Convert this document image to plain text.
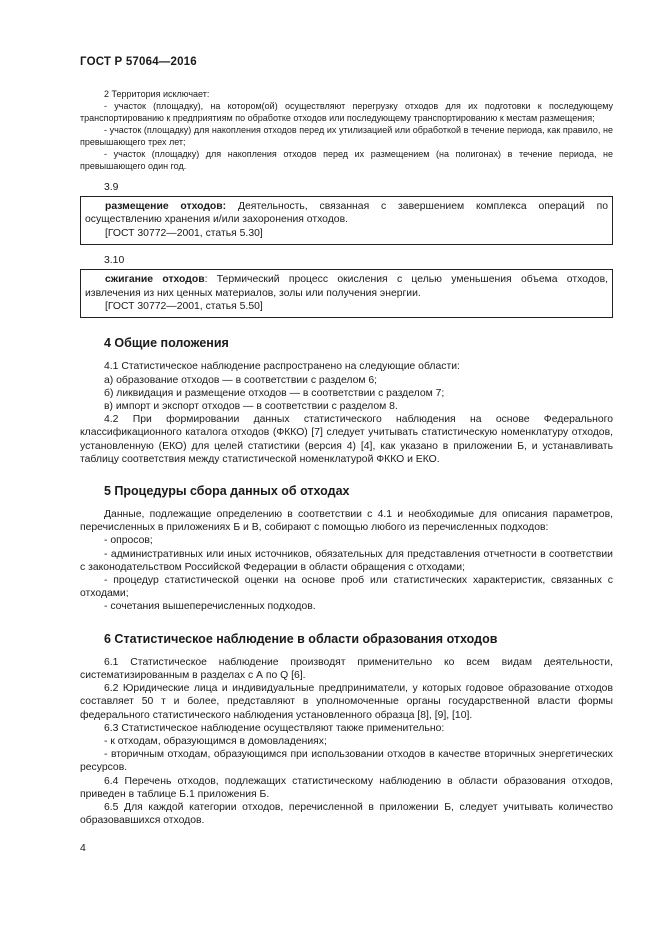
ГОСТ Р 57064—2016

2 Территория исключает:

- участок (площадку), на котором(ой) осуществляют перегрузку отходов для их подготовки к последующему транспортированию к предприятиям по обработке отходов или последующему транспортированию к местам размещения;

- участок (площадку) для накопления отходов перед их утилизацией или обработкой в течение периода, как правило, не превышающего трех лет;

- участок (площадку) для накопления отходов перед их размещением (на полигонах) в течение периода, не превышающего один год.

3.9

размещение отходов: Деятельность, связанная с завершением комплекса операций по осуществлению хранения и/или захоронения отходов.

[ГОСТ 30772—2001, статья 5.30]

3.10

сжигание отходов: Термический процесс окисления с целью уменьшения объема отходов, извлечения из них ценных материалов, золы или получения энергии.

[ГОСТ 30772—2001, статья 5.50]

4 Общие положения

4.1 Статистическое наблюдение распространено на следующие области:

а) образование отходов — в соответствии с разделом 6;

б) ликвидация и размещение отходов — в соответствии с разделом 7;

в) импорт и экспорт отходов — в соответствии с разделом 8.

4.2 При формировании данных статистического наблюдения на основе Федерального классификационного каталога отходов (ФККО) [7] следует учитывать статистическую номенклатуру отходов, установленную (ЕКО) для целей статистики (версия 4) [4], как указано в приложении Б, и устанавливать таблицу соответствия между статистической номенклатурой ФККО и ЕКО.

5 Процедуры сбора данных об отходах

Данные, подлежащие определению в соответствии с 4.1 и необходимые для описания параметров, перечисленных в приложениях Б и В, собирают с помощью любого из перечисленных подходов:

- опросов;

- административных или иных источников, обязательных для представления отчетности в соответствии с законодательством Российской Федерации в области обращения с отходами;

- процедур статистической оценки на основе проб или статистических характеристик, связанных с отходами;

- сочетания вышеперечисленных подходов.

6 Статистическое наблюдение в области образования отходов

6.1 Статистическое наблюдение производят применительно ко всем видам деятельности, систематизированным в разделах с А по Q [6].

6.2 Юридические лица и индивидуальные предприниматели, у которых годовое образование отходов составляет 50 т и более, представляют в уполномоченные органы государственной власти формы федерального статистического наблюдения установленного образца [8], [9], [10].

6.3 Статистическое наблюдение осуществляют также применительно:

- к отходам, образующимся в домовладениях;

- вторичным отходам, образующимся при использовании отходов в качестве вторичных энергетических ресурсов.

6.4 Перечень отходов, подлежащих статистическому наблюдению в области образования отходов, приведен в таблице Б.1 приложения Б.

6.5 Для каждой категории отходов, перечисленной в приложении Б, следует учитывать количество образовавшихся отходов.

4
